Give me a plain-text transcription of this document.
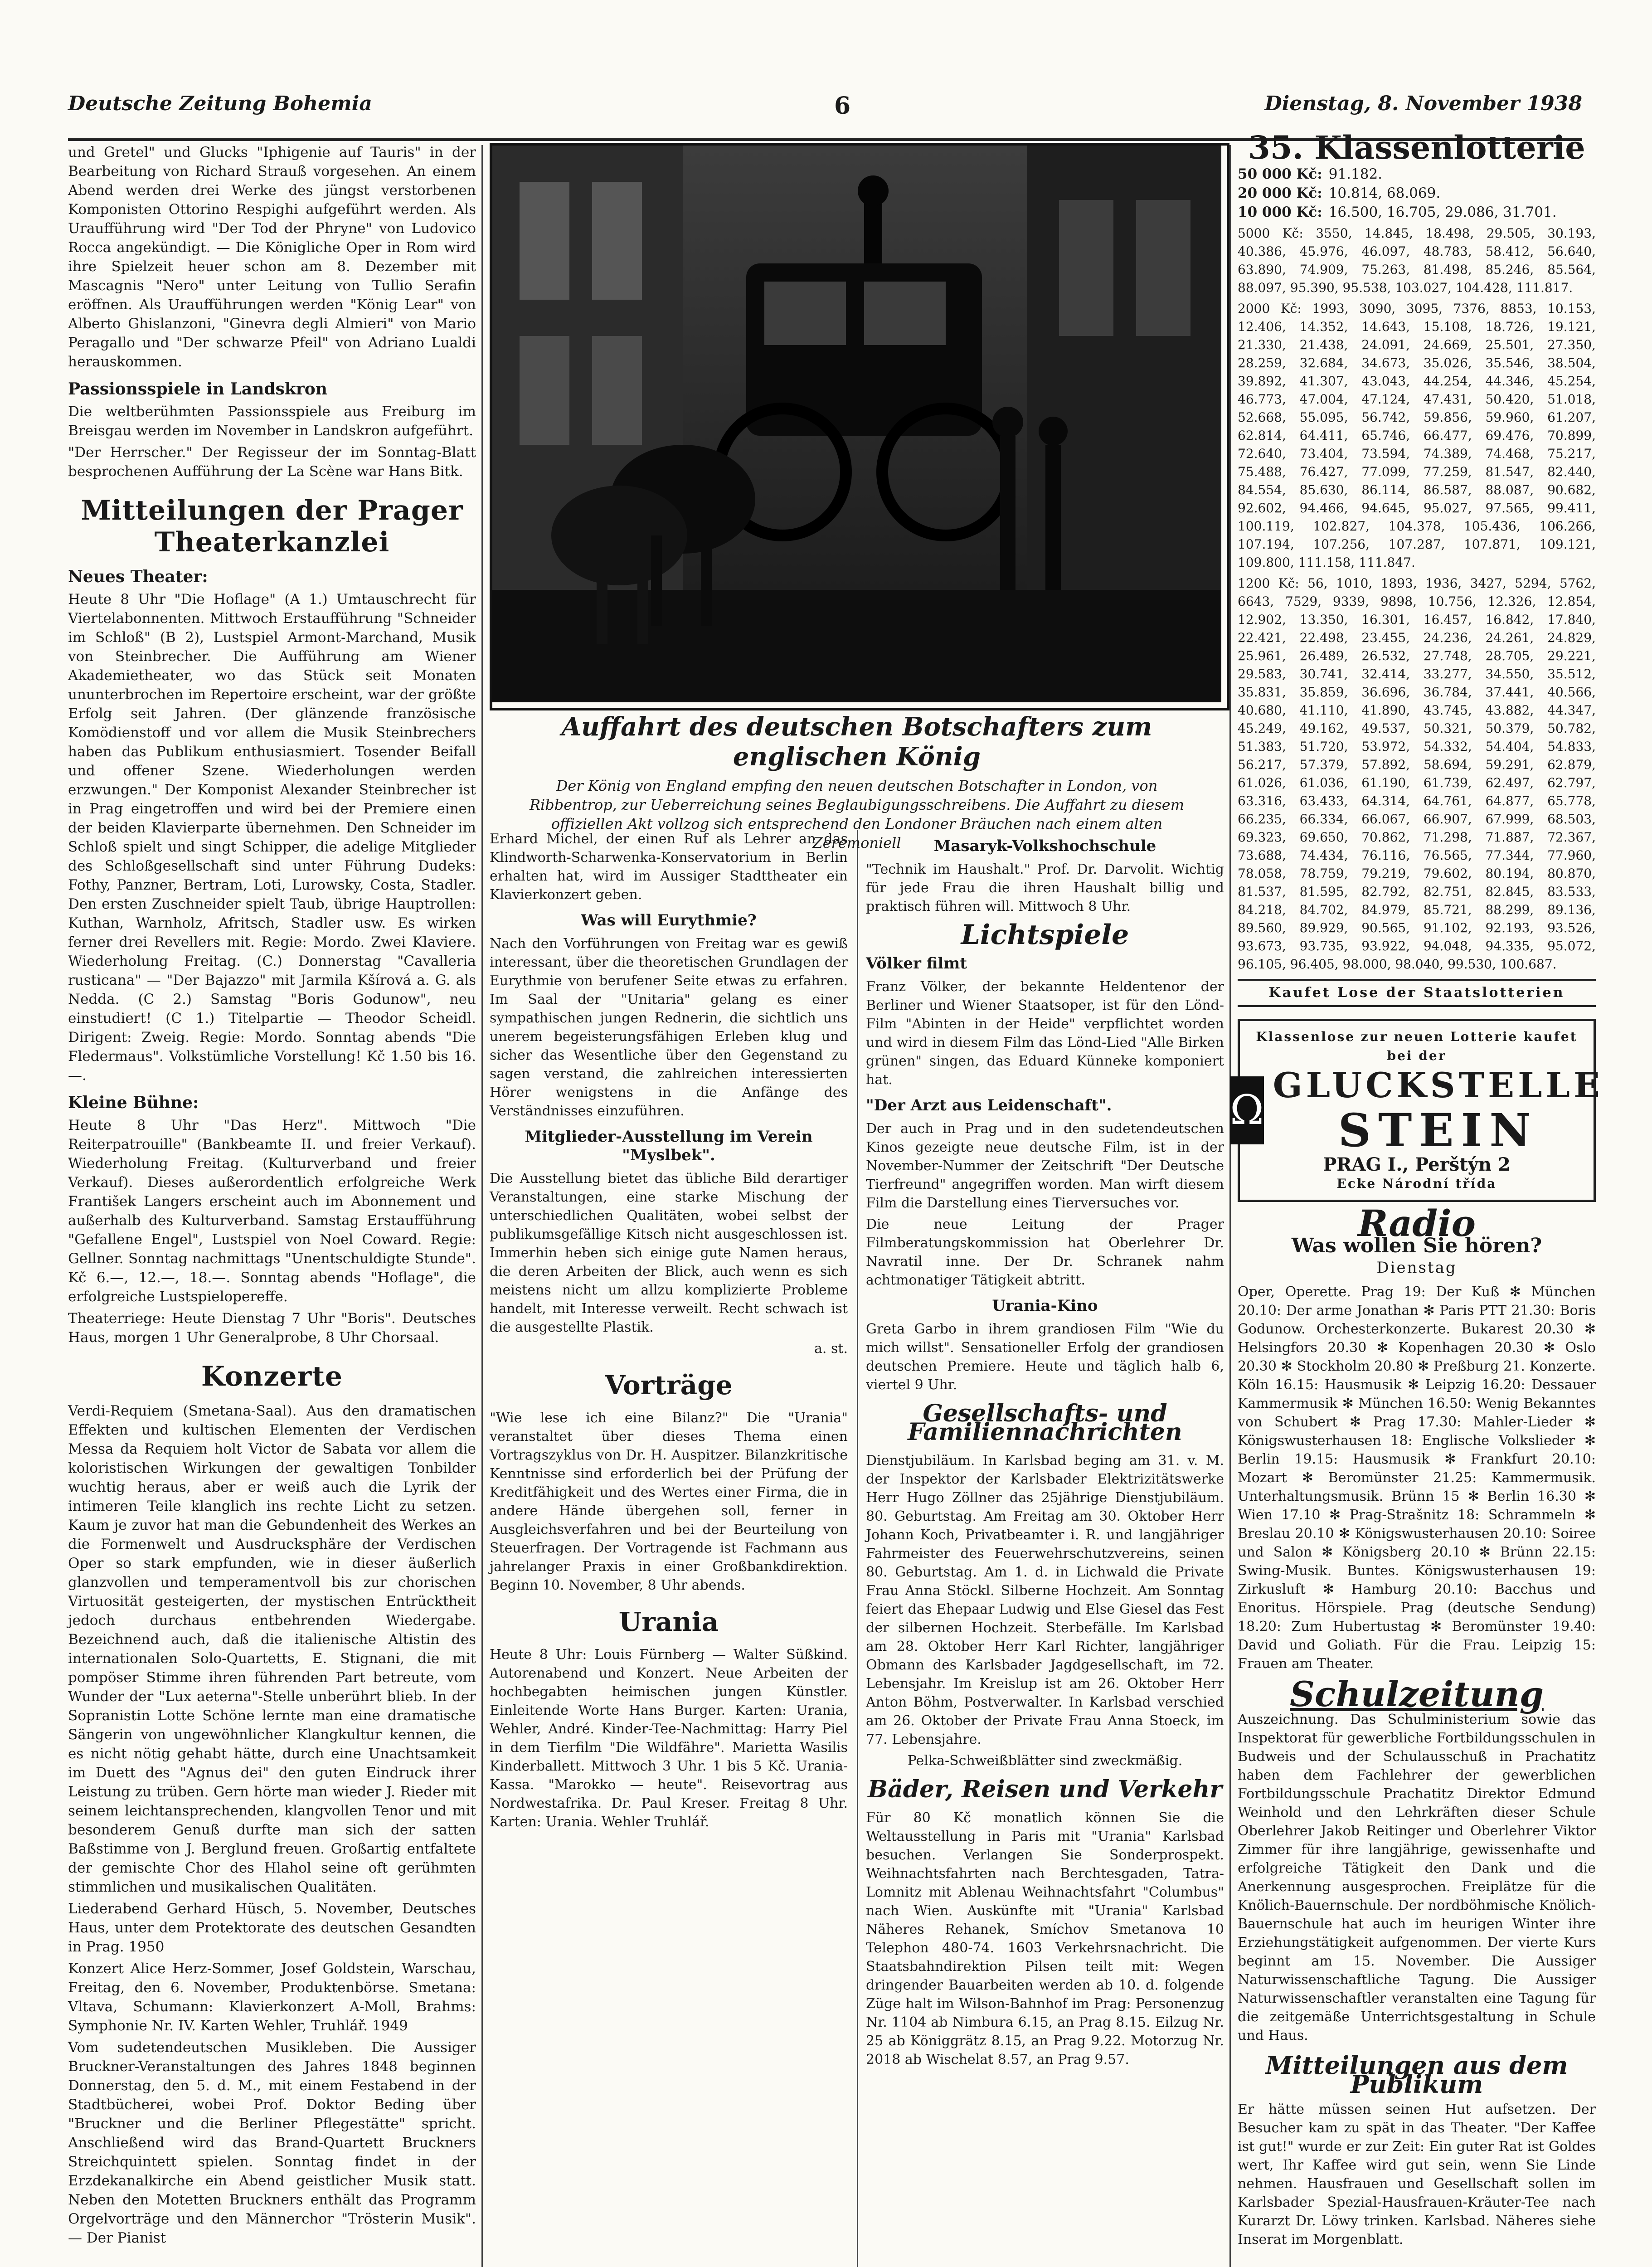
Deutsche Zeitung Bohemia	6	Dienstag, 8. November 1938

und Gretel" und Glucks "Iphigenie auf Tauris" in der Bearbeitung von Richard Strauß vorgesehen. An einem Abend werden drei Werke des jüngst verstorbenen Komponisten Ottorino Respighi aufgeführt werden. Als Uraufführung wird "Der Tod der Phryne" von Ludovico Rocca angekündigt. — Die Königliche Oper in Rom wird ihre Spielzeit heuer schon am 8. Dezember mit Mascagnis "Nero" unter Leitung von Tullio Serafin eröffnen. Als Uraufführungen werden "König Lear" von Alberto Ghislanzoni, "Ginevra degli Almieri" von Mario Peragallo und "Der schwarze Pfeil" von Adriano Lualdi herauskommen.

Passionsspiele in Landskron

Die weltberühmten Passionsspiele aus Freiburg im Breisgau werden im November in Landskron aufgeführt.

"Der Herrscher." Der Regisseur der im Sonntag-Blatt besprochenen Aufführung der La Scène war Hans Bitk.

Mitteilungen der Prager Theaterkanzlei
Neues Theater:

Heute 8 Uhr "Die Hoflage" (A 1.) Umtauschrecht für Viertelabonnenten. Mittwoch Erstaufführung "Schneider im Schloß" (B 2), Lustspiel Armont-Marchand, Musik von Steinbrecher. Die Aufführung am Wiener Akademietheater, wo das Stück seit Monaten ununterbrochen im Repertoire erscheint, war der größte Erfolg seit Jahren. (Der glänzende französische Komödienstoff und vor allem die Musik Steinbrechers haben das Publikum enthusiasmiert. Tosender Beifall und offener Szene. Wiederholungen werden erzwungen." Der Komponist Alexander Steinbrecher ist in Prag eingetroffen und wird bei der Premiere einen der beiden Klavierparte übernehmen. Den Schneider im Schloß spielt und singt Schipper, die adelige Mitglieder des Schloßgesellschaft sind unter Führung Dudeks: Fothy, Panzner, Bertram, Loti, Lurowsky, Costa, Stadler. Den ersten Zuschneider spielt Taub, übrige Hauptrollen: Kuthan, Warnholz, Afritsch, Stadler usw. Es wirken ferner drei Revellers mit. Regie: Mordo. Zwei Klaviere. Wiederholung Freitag. (C.) Donnerstag "Cavalleria rusticana" — "Der Bajazzo" mit Jarmila Kšírová a. G. als Nedda. (C 2.) Samstag "Boris Godunow", neu einstudiert! (C 1.) Titelpartie — Theodor Scheidl. Dirigent: Zweig. Regie: Mordo. Sonntag abends "Die Fledermaus". Volkstümliche Vorstellung! Kč 1.50 bis 16.—.

Kleine Bühne:

Heute 8 Uhr "Das Herz". Mittwoch "Die Reiterpatrouille" (Bankbeamte II. und freier Verkauf). Wiederholung Freitag. (Kulturverband und freier Verkauf). Dieses außerordentlich erfolgreiche Werk František Langers erscheint auch im Abonnement und außerhalb des Kulturverband. Samstag Erstaufführung "Gefallene Engel", Lustspiel von Noel Coward. Regie: Gellner. Sonntag nachmittags "Unentschuldigte Stunde". Kč 6.—, 12.—, 18.—. Sonntag abends "Hoflage", die erfolgreiche Lustspielopereffe.

Theaterriege: Heute Dienstag 7 Uhr "Boris". Deutsches Haus, morgen 1 Uhr Generalprobe, 8 Uhr Chorsaal.

Konzerte

Verdi-Requiem (Smetana-Saal). Aus den dramatischen Effekten und kultischen Elementen der Verdischen Messa da Requiem holt Victor de Sabata vor allem die koloristischen Wirkungen der gewaltigen Tonbilder wuchtig heraus, aber er weiß auch die Lyrik der intimeren Teile klanglich ins rechte Licht zu setzen. Kaum je zuvor hat man die Gebundenheit des Werkes an die Formenwelt und Ausdrucksphäre der Verdischen Oper so stark empfunden, wie in dieser äußerlich glanzvollen und temperamentvoll bis zur chorischen Virtuosität gesteigerten, der mystischen Entrücktheit jedoch durchaus entbehrenden Wiedergabe. Bezeichnend auch, daß die italienische Altistin des internationalen Solo-Quartetts, E. Stignani, die mit pompöser Stimme ihren führenden Part betreute, vom Wunder der "Lux aeterna"-Stelle unberührt blieb. In der Sopranistin Lotte Schöne lernte man eine dramatische Sängerin von ungewöhnlicher Klangkultur kennen, die es nicht nötig gehabt hätte, durch eine Unachtsamkeit im Duett des "Agnus dei" den guten Eindruck ihrer Leistung zu trüben. Gern hörte man wieder J. Rieder mit seinem leichtansprechenden, klangvollen Tenor und mit besonderem Genuß durfte man sich der satten Baßstimme von J. Berglund freuen. Großartig entfaltete der gemischte Chor des Hlahol seine oft gerühmten stimmlichen und musikalischen Qualitäten.

Liederabend Gerhard Hüsch, 5. November, Deutsches Haus, unter dem Protektorate des deutschen Gesandten in Prag. 1950

Konzert Alice Herz-Sommer, Josef Goldstein, Warschau, Freitag, den 6. November, Produktenbörse. Smetana: Vltava, Schumann: Klavierkonzert A-Moll, Brahms: Symphonie Nr. IV. Karten Wehler, Truhlář. 1949

Vom sudetendeutschen Musikleben. Die Aussiger Bruckner-Veranstaltungen des Jahres 1848 beginnen Donnerstag, den 5. d. M., mit einem Festabend in der Stadtbücherei, wobei Prof. Doktor Beding über "Bruckner und die Berliner Pflegestätte" spricht. Anschließend wird das Brand-Quartett Bruckners Streichquintett spielen. Sonntag findet in der Erzdekanalkirche ein Abend geistlicher Musik statt. Neben den Motetten Bruckners enthält das Programm Orgelvorträge und den Männerchor "Trösterin Musik". — Der Pianist

Auffahrt des deutschen Botschafters zum englischen König
Der König von England empfing den neuen deutschen Botschafter in London, von Ribbentrop, zur Ueberreichung seines Beglaubigungsschreibens. Die Auffahrt zu diesem offiziellen Akt vollzog sich entsprechend den Londoner Bräuchen nach einem alten Zeremoniell

Erhard Michel, der einen Ruf als Lehrer an das Klindworth-Scharwenka-Konservatorium in Berlin erhalten hat, wird im Aussiger Stadttheater ein Klavierkonzert geben.

Was will Eurythmie?

Nach den Vorführungen von Freitag war es gewiß interessant, über die theoretischen Grundlagen der Eurythmie von berufener Seite etwas zu erfahren. Im Saal der "Unitaria" gelang es einer sympathischen jungen Rednerin, die sichtlich uns unerem begeisterungsfähigen Erleben klug und sicher das Wesentliche über den Gegenstand zu sagen verstand, die zahlreichen interessierten Hörer wenigstens in die Anfänge des Verständnisses einzuführen.

Mitglieder-Ausstellung im Verein "Myslbek".

Die Ausstellung bietet das übliche Bild derartiger Veranstaltungen, eine starke Mischung der unterschiedlichen Qualitäten, wobei selbst der publikumsgefällige Kitsch nicht ausgeschlossen ist. Immerhin heben sich einige gute Namen heraus, die deren Arbeiten der Blick, auch wenn es sich meistens nicht um allzu komplizierte Probleme handelt, mit Interesse verweilt. Recht schwach ist die ausgestellte Plastik.

a. st.

Vorträge

"Wie lese ich eine Bilanz?" Die "Urania" veranstaltet über dieses Thema einen Vortragszyklus von Dr. H. Auspitzer. Bilanzkritische Kenntnisse sind erforderlich bei der Prüfung der Kreditfähigkeit und des Wertes einer Firma, die in andere Hände übergehen soll, ferner in Ausgleichsverfahren und bei der Beurteilung von Steuerfragen. Der Vortragende ist Fachmann aus jahrelanger Praxis in einer Großbankdirektion. Beginn 10. November, 8 Uhr abends.

Urania

Heute 8 Uhr: Louis Fürnberg — Walter Süßkind. Autorenabend und Konzert. Neue Arbeiten der hochbegabten heimischen jungen Künstler. Einleitende Worte Hans Burger. Karten: Urania, Wehler, André. Kinder-Tee-Nachmittag: Harry Piel in dem Tierfilm "Die Wildfähre". Marietta Wasilis Kinderballett. Mittwoch 3 Uhr. 1 bis 5 Kč. Urania-Kassa. "Marokko — heute". Reisevortrag aus Nordwestafrika. Dr. Paul Kreser. Freitag 8 Uhr. Karten: Urania. Wehler Truhlář.

Masaryk-Volkshochschule

"Technik im Haushalt." Prof. Dr. Darvolit. Wichtig für jede Frau die ihren Haushalt billig und praktisch führen will. Mittwoch 8 Uhr.

Lichtspiele
Völker filmt

Franz Völker, der bekannte Heldentenor der Berliner und Wiener Staatsoper, ist für den Lönd-Film "Abinten in der Heide" verpflichtet worden und wird in diesem Film das Lönd-Lied "Alle Birken grünen" singen, das Eduard Künneke komponiert hat.

"Der Arzt aus Leidenschaft".

Der auch in Prag und in den sudetendeutschen Kinos gezeigte neue deutsche Film, ist in der November-Nummer der Zeitschrift "Der Deutsche Tierfreund" angegriffen worden. Man wirft diesem Film die Darstellung eines Tierversuches vor.

Die neue Leitung der Prager Filmberatungskommission hat Oberlehrer Dr. Navratil inne. Der Dr. Schranek nahm achtmonatiger Tätigkeit abtritt.

Urania-Kino

Greta Garbo in ihrem grandiosen Film "Wie du mich willst". Sensationeller Erfolg der grandiosen deutschen Premiere. Heute und täglich halb 6, viertel 9 Uhr.

Gesellschafts- und Familiennachrichten

Dienstjubiläum. In Karlsbad beging am 31. v. M. der Inspektor der Karlsbader Elektrizitätswerke Herr Hugo Zöllner das 25jährige Dienstjubiläum. 80. Geburtstag. Am Freitag am 30. Oktober Herr Johann Koch, Privatbeamter i. R. und langjähriger Fahrmeister des Feuerwehrschutzvereins, seinen 80. Geburtstag. Am 1. d. in Lichwald die Private Frau Anna Stöckl. Silberne Hochzeit. Am Sonntag feiert das Ehepaar Ludwig und Else Giesel das Fest der silbernen Hochzeit. Sterbefälle. Im Karlsbad am 28. Oktober Herr Karl Richter, langjähriger Obmann des Karlsbader Jagdgesellschaft, im 72. Lebensjahr. Im Kreislup ist am 26. Oktober Herr Anton Böhm, Postverwalter. In Karlsbad verschied am 26. Oktober der Private Frau Anna Stoeck, im 77. Lebensjahre.

Pelka-Schweißblätter sind zweckmäßig.

Bäder, Reisen und Verkehr

Für 80 Kč monatlich können Sie die Weltausstellung in Paris mit "Urania" Karlsbad besuchen. Verlangen Sie Sonderprospekt. Weihnachtsfahrten nach Berchtesgaden, Tatra-Lomnitz mit Ablenau Weihnachtsfahrt "Columbus" nach Wien. Auskünfte mit "Urania" Karlsbad Näheres Rehanek, Smíchov Smetanova 10 Telephon 480-74. 1603 Verkehrsnachricht. Die Staatsbahndirektion Pilsen teilt mit: Wegen dringender Bauarbeiten werden ab 10. d. folgende Züge halt im Wilson-Bahnhof im Prag: Personenzug Nr. 1104 ab Nimbura 6.15, an Prag 8.15. Eilzug Nr. 25 ab Königgrätz 8.15, an Prag 9.22. Motorzug Nr. 2018 ab Wischelat 8.57, an Prag 9.57.

35. Klassenlotterie
50 000 Kč: 91.182.
20 000 Kč: 10.814, 68.069.
10 000 Kč: 16.500, 16.705, 29.086, 31.701.
5000 Kč: 3550, 14.845, 18.498, 29.505, 30.193, 40.386, 45.976, 46.097, 48.783, 58.412, 56.640, 63.890, 74.909, 75.263, 81.498, 85.246, 85.564, 88.097, 95.390, 95.538, 103.027, 104.428, 111.817.
2000 Kč: 1993, 3090, 3095, 7376, 8853, 10.153, 12.406, 14.352, 14.643, 15.108, 18.726, 19.121, 21.330, 21.438, 24.091, 24.669, 25.501, 27.350, 28.259, 32.684, 34.673, 35.026, 35.546, 38.504, 39.892, 41.307, 43.043, 44.254, 44.346, 45.254, 46.773, 47.004, 47.124, 47.431, 50.420, 51.018, 52.668, 55.095, 56.742, 59.856, 59.960, 61.207, 62.814, 64.411, 65.746, 66.477, 69.476, 70.899, 72.640, 73.404, 73.594, 74.389, 74.468, 75.217, 75.488, 76.427, 77.099, 77.259, 81.547, 82.440, 84.554, 85.630, 86.114, 86.587, 88.087, 90.682, 92.602, 94.466, 94.645, 95.027, 97.565, 99.411, 100.119, 102.827, 104.378, 105.436, 106.266, 107.194, 107.256, 107.287, 107.871, 109.121, 109.800, 111.158, 111.847.
1200 Kč: 56, 1010, 1893, 1936, 3427, 5294, 5762, 6643, 7529, 9339, 9898, 10.756, 12.326, 12.854, 12.902, 13.350, 16.301, 16.457, 16.842, 17.840, 22.421, 22.498, 23.455, 24.236, 24.261, 24.829, 25.961, 26.489, 26.532, 27.748, 28.705, 29.221, 29.583, 30.741, 32.414, 33.277, 34.550, 35.512, 35.831, 35.859, 36.696, 36.784, 37.441, 40.566, 40.680, 41.110, 41.890, 43.745, 43.882, 44.347, 45.249, 49.162, 49.537, 50.321, 50.379, 50.782, 51.383, 51.720, 53.972, 54.332, 54.404, 54.833, 56.217, 57.379, 57.892, 58.694, 59.291, 62.879, 61.026, 61.036, 61.190, 61.739, 62.497, 62.797, 63.316, 63.433, 64.314, 64.761, 64.877, 65.778, 66.235, 66.334, 66.067, 66.907, 67.999, 68.503, 69.323, 69.650, 70.862, 71.298, 71.887, 72.367, 73.688, 74.434, 76.116, 76.565, 77.344, 77.960, 78.058, 78.759, 79.219, 79.602, 80.194, 80.870, 81.537, 81.595, 82.792, 82.751, 82.845, 83.533, 84.218, 84.702, 84.979, 85.721, 88.299, 89.136, 89.560, 89.929, 90.565, 91.102, 92.193, 93.526, 93.673, 93.735, 93.922, 94.048, 94.335, 95.072, 96.105, 96.405, 98.000, 98.040, 99.530, 100.687.
Kaufet Lose der Staatslotterien
Klassenlose zur neuen Lotterie kaufet bei der
Ω
GLUCKSTELLE
STEIN
PRAG I., Perštýn 2
Ecke Národní třída
Radio
Was wollen Sie hören?
Dienstag

Oper, Operette. Prag 19: Der Kuß ✻ München 20.10: Der arme Jonathan ✻ Paris PTT 21.30: Boris Godunow. Orchesterkonzerte. Bukarest 20.30 ✻ Helsingfors 20.30 ✻ Kopenhagen 20.30 ✻ Oslo 20.30 ✻ Stockholm 20.80 ✻ Preßburg 21. Konzerte. Köln 16.15: Hausmusik ✻ Leipzig 16.20: Dessauer Kammermusik ✻ München 16.50: Wenig Bekanntes von Schubert ✻ Prag 17.30: Mahler-Lieder ✻ Königswusterhausen 18: Englische Volkslieder ✻ Berlin 19.15: Hausmusik ✻ Frankfurt 20.10: Mozart ✻ Beromünster 21.25: Kammermusik. Unterhaltungsmusik. Brünn 15 ✻ Berlin 16.30 ✻ Wien 17.10 ✻ Prag-Strašnitz 18: Schrammeln ✻ Breslau 20.10 ✻ Königswusterhausen 20.10: Soiree und Salon ✻ Königsberg 20.10 ✻ Brünn 22.15: Swing-Musik. Buntes. Königswusterhausen 19: Zirkusluft ✻ Hamburg 20.10: Bacchus und Enoritus. Hörspiele. Prag (deutsche Sendung) 18.20: Zum Hubertustag ✻ Beromünster 19.40: David und Goliath. Für die Frau. Leipzig 15: Frauen am Theater.

Schulzeitung

Auszeichnung. Das Schulministerium sowie das Inspektorat für gewerbliche Fortbildungsschulen in Budweis und der Schulausschuß in Prachatitz haben dem Fachlehrer der gewerblichen Fortbildungsschule Prachatitz Direktor Edmund Weinhold und den Lehrkräften dieser Schule Oberlehrer Jakob Reitinger und Oberlehrer Viktor Zimmer für ihre langjährige, gewissenhafte und erfolgreiche Tätigkeit den Dank und die Anerkennung ausgesprochen. Freiplätze für die Knölich-Bauernschule. Der nordböhmische Knölich-Bauernschule hat auch im heurigen Winter ihre Erziehungstätigkeit aufgenommen. Der vierte Kurs beginnt am 15. November. Die Aussiger Naturwissenschaftliche Tagung. Die Aussiger Naturwissenschaftler veranstalten eine Tagung für die zeitgemäße Unterrichtsgestaltung in Schule und Haus.

Mitteilungen aus dem Publikum

Er hätte müssen seinen Hut aufsetzen. Der Besucher kam zu spät in das Theater. "Der Kaffee ist gut!" wurde er zur Zeit: Ein guter Rat ist Goldes wert, Ihr Kaffee wird gut sein, wenn Sie Linde nehmen. Hausfrauen und Gesellschaft sollen im Karlsbader Spezial-Hausfrauen-Kräuter-Tee nach Kurarzt Dr. Löwy trinken. Karlsbad. Näheres siehe Inserat im Morgenblatt.
